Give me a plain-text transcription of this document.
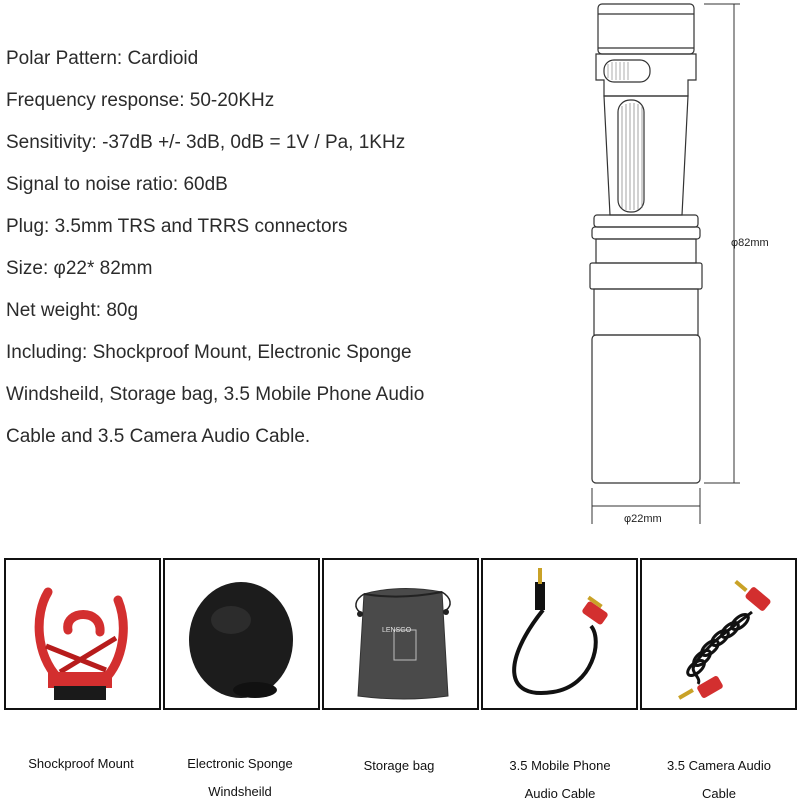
Polar Pattern: Cardioid
Frequency response: 50-20KHz
Sensitivity: -37dB +/- 3dB, 0dB = 1V / Pa, 1KHz
Signal to noise ratio: 60dB
Plug: 3.5mm TRS and TRRS connectors
Size: φ22* 82mm
Net weight: 80g
Including: Shockproof Mount, Electronic Sponge
Windsheild, Storage bag, 3.5 Mobile Phone Audio
Cable and 3.5 Camera Audio Cable.
φ82mm
φ22mm
LENSGO
Shockproof Mount	Electronic Sponge
Windsheild
Storage bag	3.5 Mobile Phone
Audio Cable
3.5 Camera Audio
Cable
